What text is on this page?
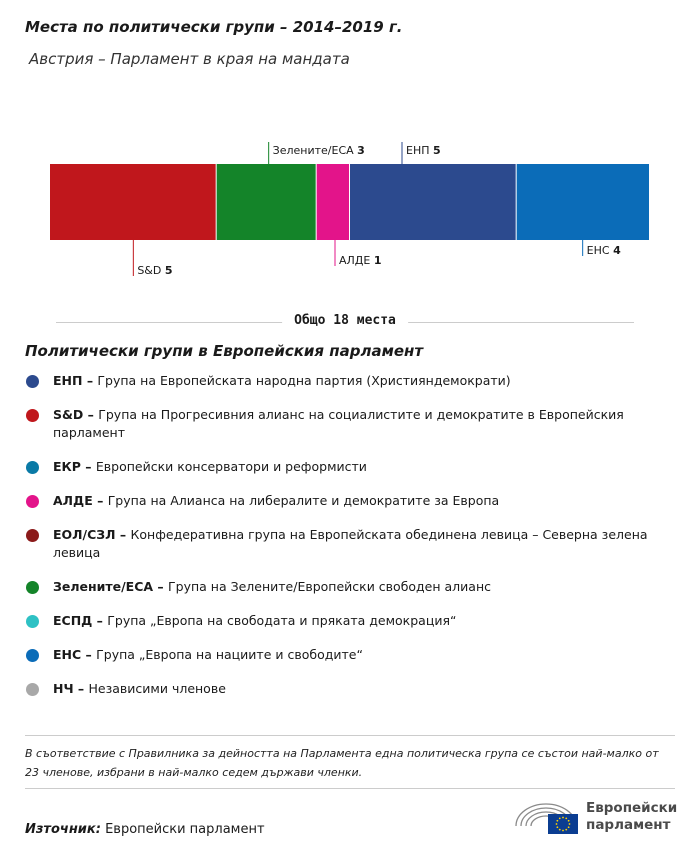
Места по политически групи – 2014–2019 г.
Австрия – Парламент в края на мандата
S&D 5
Зелените/ЕСА 3
АЛДЕ 1
ЕНП 5
ЕНС 4
Общо 18 места
Политически групи в Европейския парламент
ЕНП – Група на Европейската народна партия (Християндемократи)
S&D – Група на Прогресивния алианс на социалистите и демократите в Европейския парламент
ЕКР – Европейски консерватори и реформисти
АЛДЕ – Група на Алианса на либералите и демократите за Европа
ЕОЛ/СЗЛ – Конфедеративна група на Европейската обединена левица – Северна зелена левица
Зелените/ЕСА – Група на Зелените/Европейски свободен алианс
ЕСПД – Група „Европа на свободата и пряката демокрация“
ЕНС – Група „Европа на нациите и свободите“
НЧ – Независими членове
В съответствие с Правилника за дейността на Парламента една политическа група се състои най-малко от 23 членове, избрани в най-малко седем държави членки.
Източник: Европейски парламент
Европейски
парламент
